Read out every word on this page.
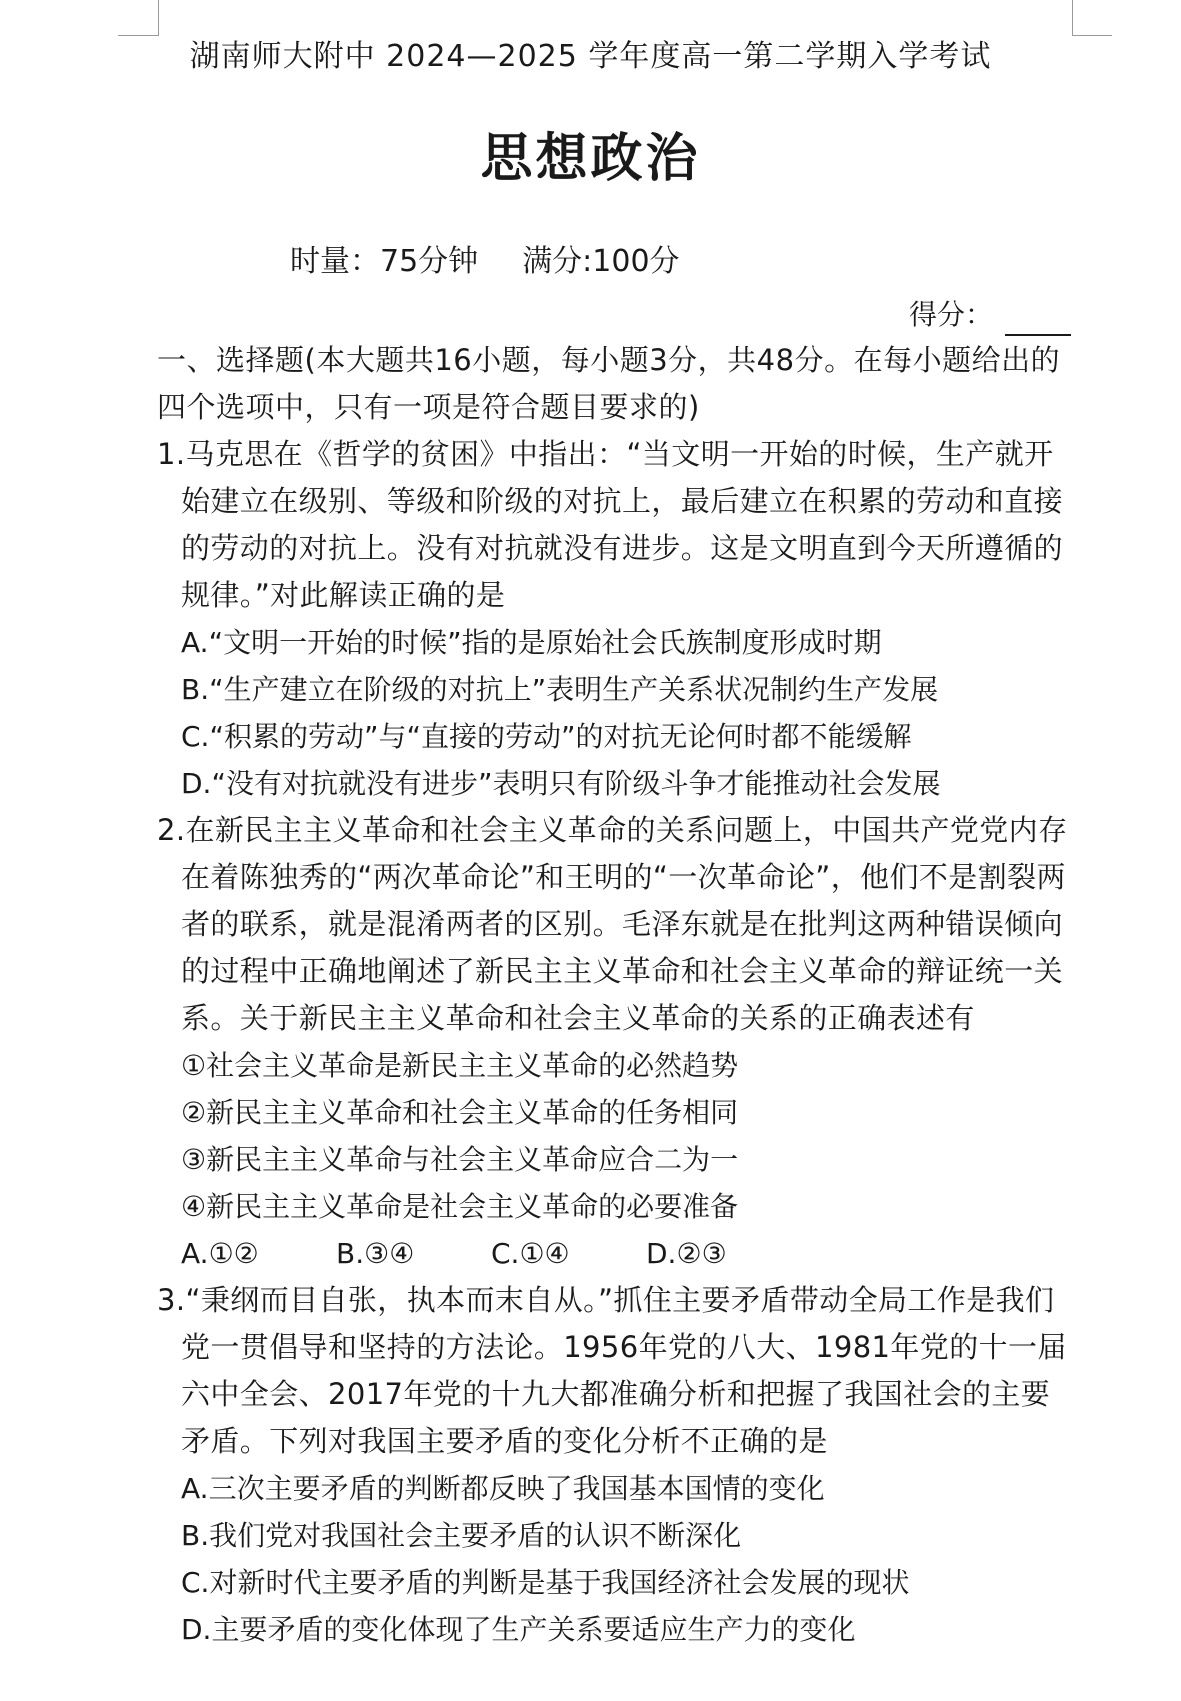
湖南师大附中 2024—2025 学年度高一第二学期入学考试
思想政治
时量：75分钟 满分:100分
得分：

一、选择题(本大题共16小题，每小题3分，共48分。在每小题给出的四个选项中，只有一项是符合题目要求的)

1.马克思在《哲学的贫困》中指出：“当文明一开始的时候，生产就开始建立在级别、等级和阶级的对抗上，最后建立在积累的劳动和直接的劳动的对抗上。没有对抗就没有进步。这是文明直到今天所遵循的规律。”对此解读正确的是

A.“文明一开始的时候”指的是原始社会氏族制度形成时期

B.“生产建立在阶级的对抗上”表明生产关系状况制约生产发展

C.“积累的劳动”与“直接的劳动”的对抗无论何时都不能缓解

D.“没有对抗就没有进步”表明只有阶级斗争才能推动社会发展

2.在新民主主义革命和社会主义革命的关系问题上，中国共产党党内存在着陈独秀的“两次革命论”和王明的“一次革命论”，他们不是割裂两者的联系，就是混淆两者的区别。毛泽东就是在批判这两种错误倾向的过程中正确地阐述了新民主主义革命和社会主义革命的辩证统一关系。关于新民主主义革命和社会主义革命的关系的正确表述有

①社会主义革命是新民主主义革命的必然趋势

②新民主主义革命和社会主义革命的任务相同

③新民主主义革命与社会主义革命应合二为一

④新民主主义革命是社会主义革命的必要准备

A.①②	B.③④	C.①④	D.②③

3.“秉纲而目自张，执本而末自从。”抓住主要矛盾带动全局工作是我们党一贯倡导和坚持的方法论。1956年党的八大、1981年党的十一届六中全会、2017年党的十九大都准确分析和把握了我国社会的主要矛盾。下列对我国主要矛盾的变化分析不正确的是

A.三次主要矛盾的判断都反映了我国基本国情的变化

B.我们党对我国社会主要矛盾的认识不断深化

C.对新时代主要矛盾的判断是基于我国经济社会发展的现状

D.主要矛盾的变化体现了生产关系要适应生产力的变化
